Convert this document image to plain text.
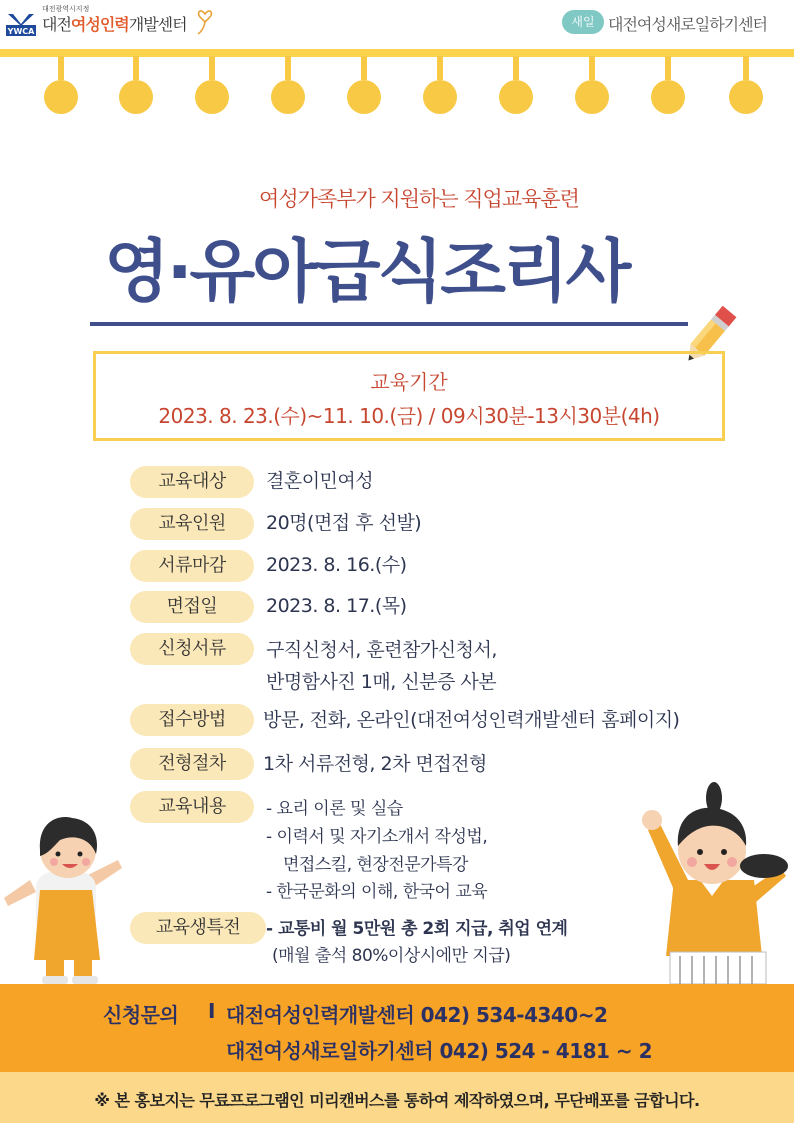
YWCA
대전광역시지정
대전여성인력개발센터	새일 대전여성새로일하기센터
여성가족부가 지원하는 직업교육훈련
영·유아급식조리사
교육기간
2023. 8. 23.(수)~11. 10.(금) / 09시30분-13시30분(4h)
교육대상	결혼이민여성
교육인원	20명(면접 후 선발)
서류마감	2023. 8. 16.(수)
면접일	2023. 8. 17.(목)
신청서류	구직신청서, 훈련참가신청서,
반명함사진 1매, 신분증 사본
접수방법	방문, 전화, 온라인(대전여성인력개발센터 홈페이지)
전형절차	1차 서류전형, 2차 면접전형
교육내용	- 요리 이론 및 실습
- 이력서 및 자기소개서 작성법,
면접스킬, 현장전문가특강
- 한국문화의 이해, 한국어 교육
교육생특전	- 교통비 월 5만원 총 2회 지급, 취업 연계
(매월 출석 80%이상시에만 지급)
신청문의 I 대전여성인력개발센터 042) 534-4340~2
대전여성새로일하기센터 042) 524 - 4181 ~ 2
※ 본 홍보지는 무료프로그램인 미리캔버스를 통하여 제작하였으며, 무단배포를 금합니다.
